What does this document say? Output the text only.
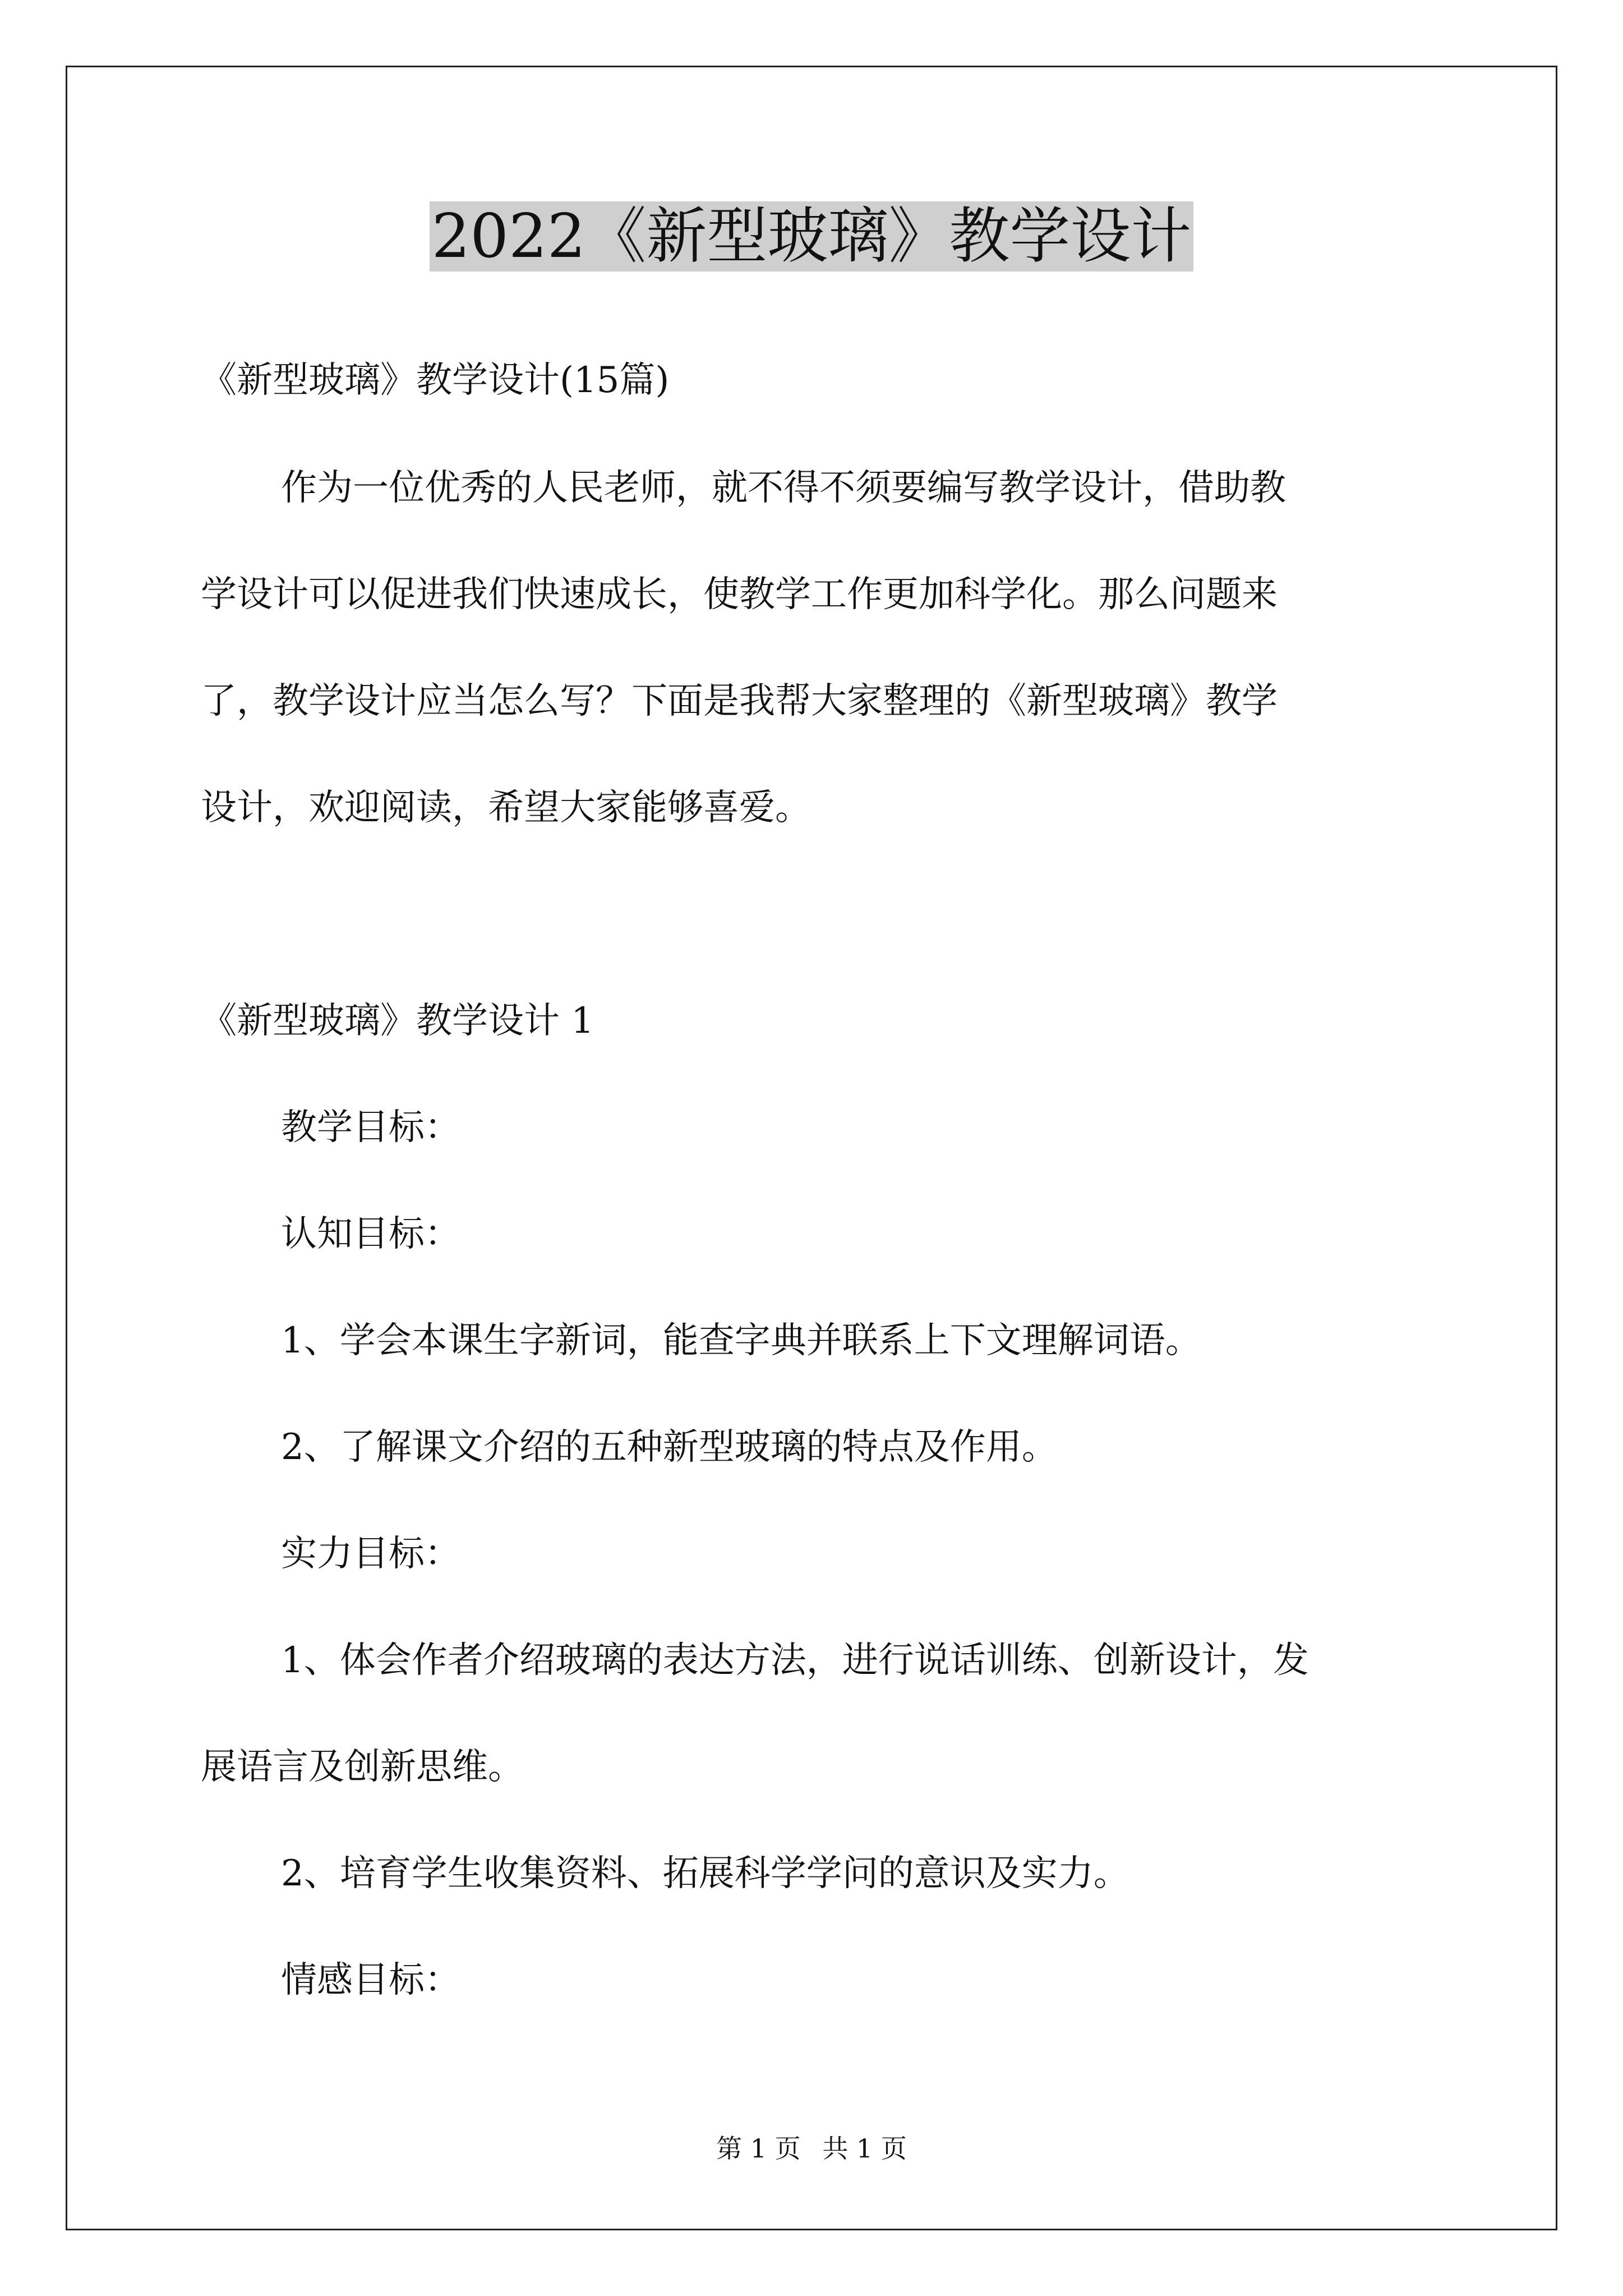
2022《新型玻璃》教学设计
《新型玻璃》教学设计(15篇)
作为一位优秀的人民老师，就不得不须要编写教学设计，借助教
学设计可以促进我们快速成长，使教学工作更加科学化。那么问题来
了，教学设计应当怎么写？下面是我帮大家整理的《新型玻璃》教学
设计，欢迎阅读，希望大家能够喜爱。
《新型玻璃》教学设计 1
教学目标：
认知目标：
1、学会本课生字新词，能查字典并联系上下文理解词语。
2、了解课文介绍的五种新型玻璃的特点及作用。
实力目标：
1、体会作者介绍玻璃的表达方法，进行说话训练、创新设计，发
展语言及创新思维。
2、培育学生收集资料、拓展科学学问的意识及实力。
情感目标：
第 1 页 共 1 页
